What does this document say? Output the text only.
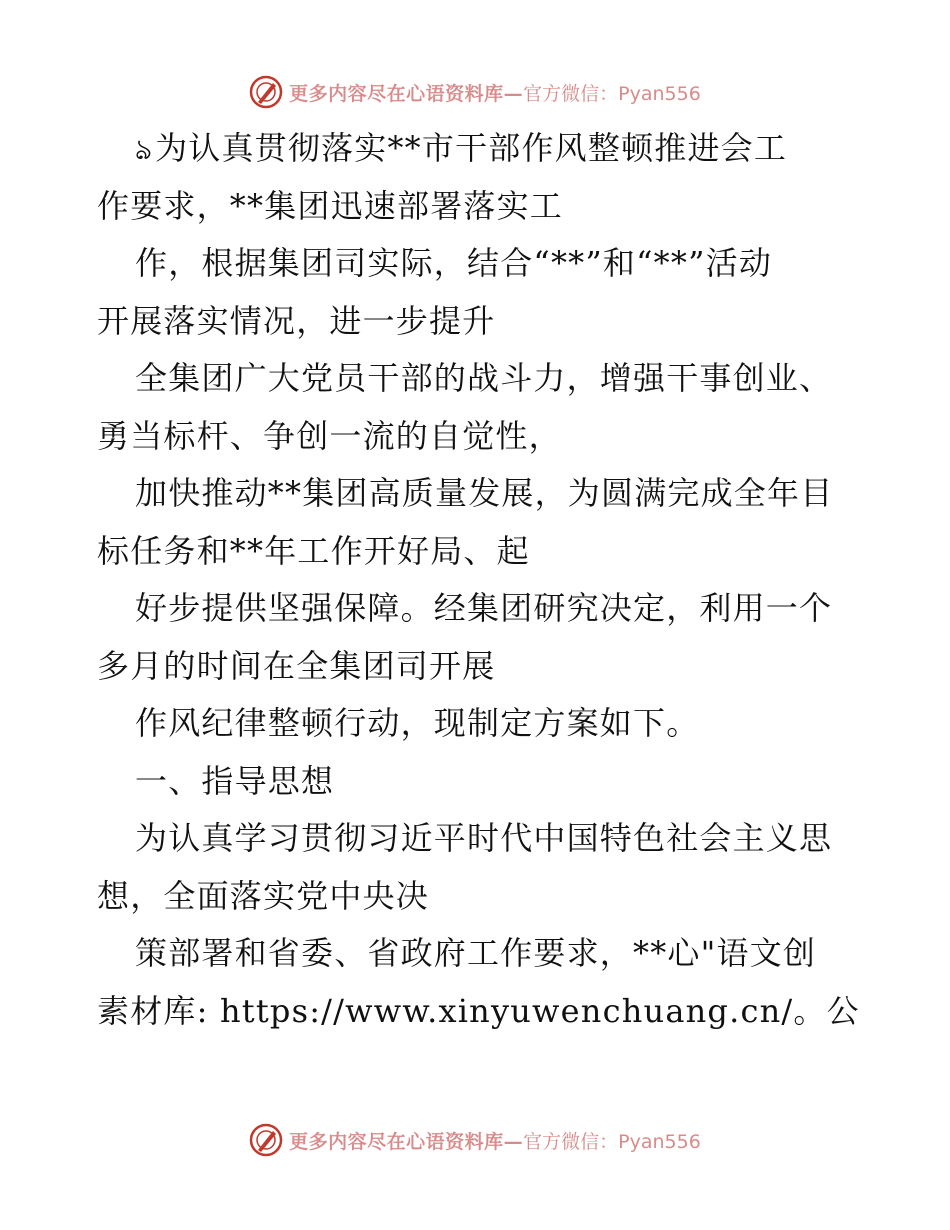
更多内容尽在心语资料库— 官方微信：Pyan556
ঌ为认真贯彻落实**市干部作风整顿推进会工
作要求，**集团迅速部署落实工
作，根据集团司实际，结合“**”和“**”活动
开展落实情况，进一步提升
全集团广大党员干部的战斗力，增强干事创业、
勇当标杆、争创一流的自觉性，
加快推动**集团高质量发展，为圆满完成全年目
标任务和**年工作开好局、起
好步提供坚强保障。经集团研究决定，利用一个
多月的时间在全集团司开展
作风纪律整顿行动，现制定方案如下。
一、指导思想
为认真学习贯彻习近平时代中国特色社会主义思
想，全面落实党中央决
策部署和省委、省政府工作要求，**心"语文创
素材库: https://www.xinyuwenchuang.cn/。公
更多内容尽在心语资料库— 官方微信：Pyan556
